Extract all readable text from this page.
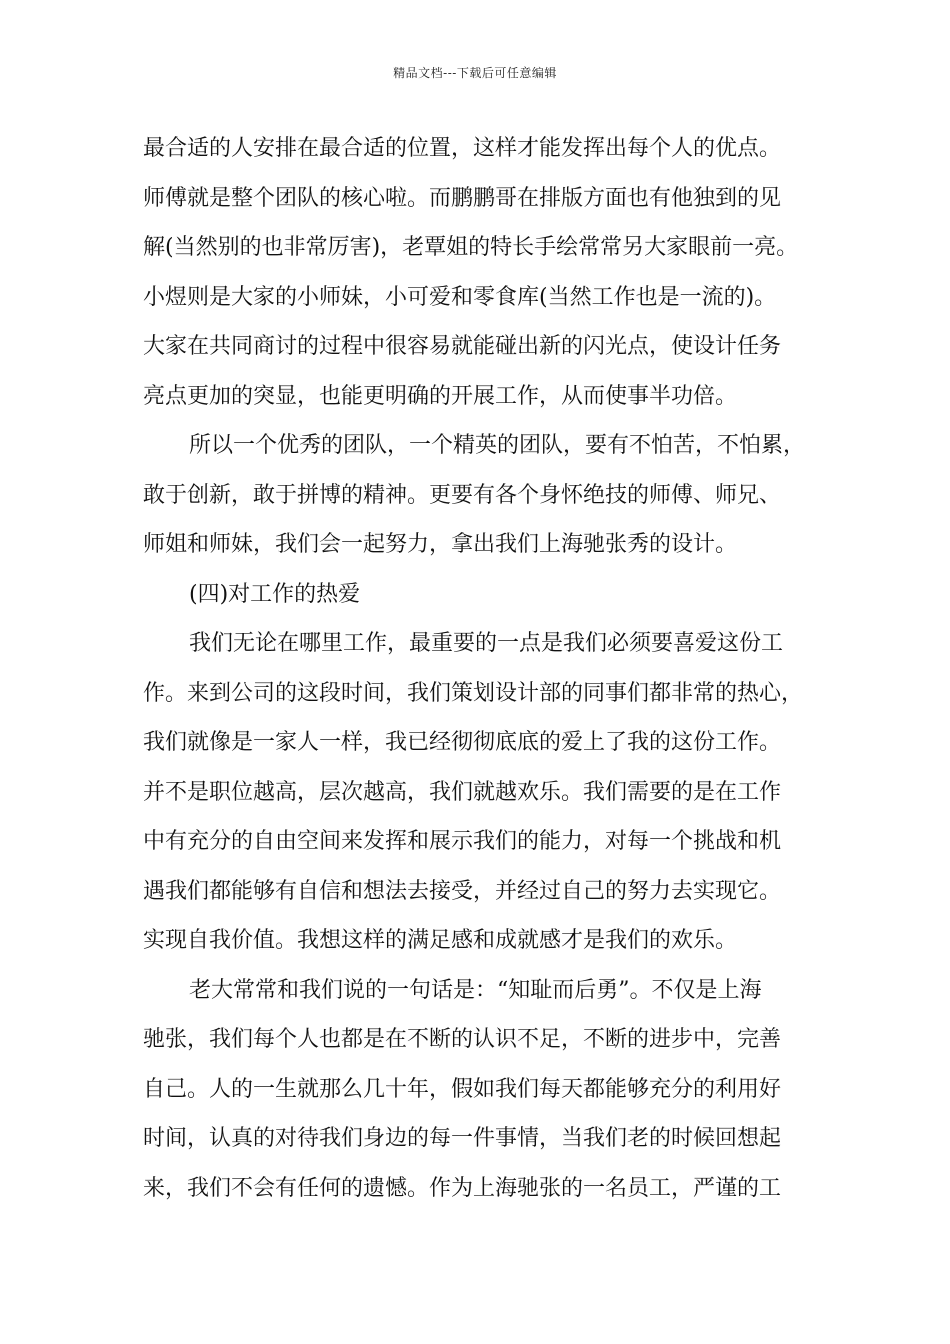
精品文档---下载后可任意编辑
最合适的人安排在最合适的位置，这样才能发挥出每个人的优点。
师傅就是整个团队的核心啦。而鹏鹏哥在排版方面也有他独到的见
解(当然别的也非常厉害)，老覃姐的特长手绘常常另大家眼前一亮。
小煜则是大家的小师妹，小可爱和零食库(当然工作也是一流的)。
大家在共同商讨的过程中很容易就能碰出新的闪光点，使设计任务
亮点更加的突显，也能更明确的开展工作，从而使事半功倍。
所以一个优秀的团队，一个精英的团队，要有不怕苦，不怕累，
敢于创新，敢于拼博的精神。更要有各个身怀绝技的师傅、师兄、
师姐和师妹，我们会一起努力，拿出我们上海驰张秀的设计。
(四)对工作的热爱
我们无论在哪里工作，最重要的一点是我们必须要喜爱这份工
作。来到公司的这段时间，我们策划设计部的同事们都非常的热心，
我们就像是一家人一样，我已经彻彻底底的爱上了我的这份工作。
并不是职位越高，层次越高，我们就越欢乐。我们需要的是在工作
中有充分的自由空间来发挥和展示我们的能力，对每一个挑战和机
遇我们都能够有自信和想法去接受，并经过自己的努力去实现它。
实现自我价值。我想这样的满足感和成就感才是我们的欢乐。
老大常常和我们说的一句话是：“知耻而后勇”。不仅是上海
驰张，我们每个人也都是在不断的认识不足，不断的进步中，完善
自己。人的一生就那么几十年，假如我们每天都能够充分的利用好
时间，认真的对待我们身边的每一件事情，当我们老的时候回想起
来，我们不会有任何的遗憾。作为上海驰张的一名员工，严谨的工
